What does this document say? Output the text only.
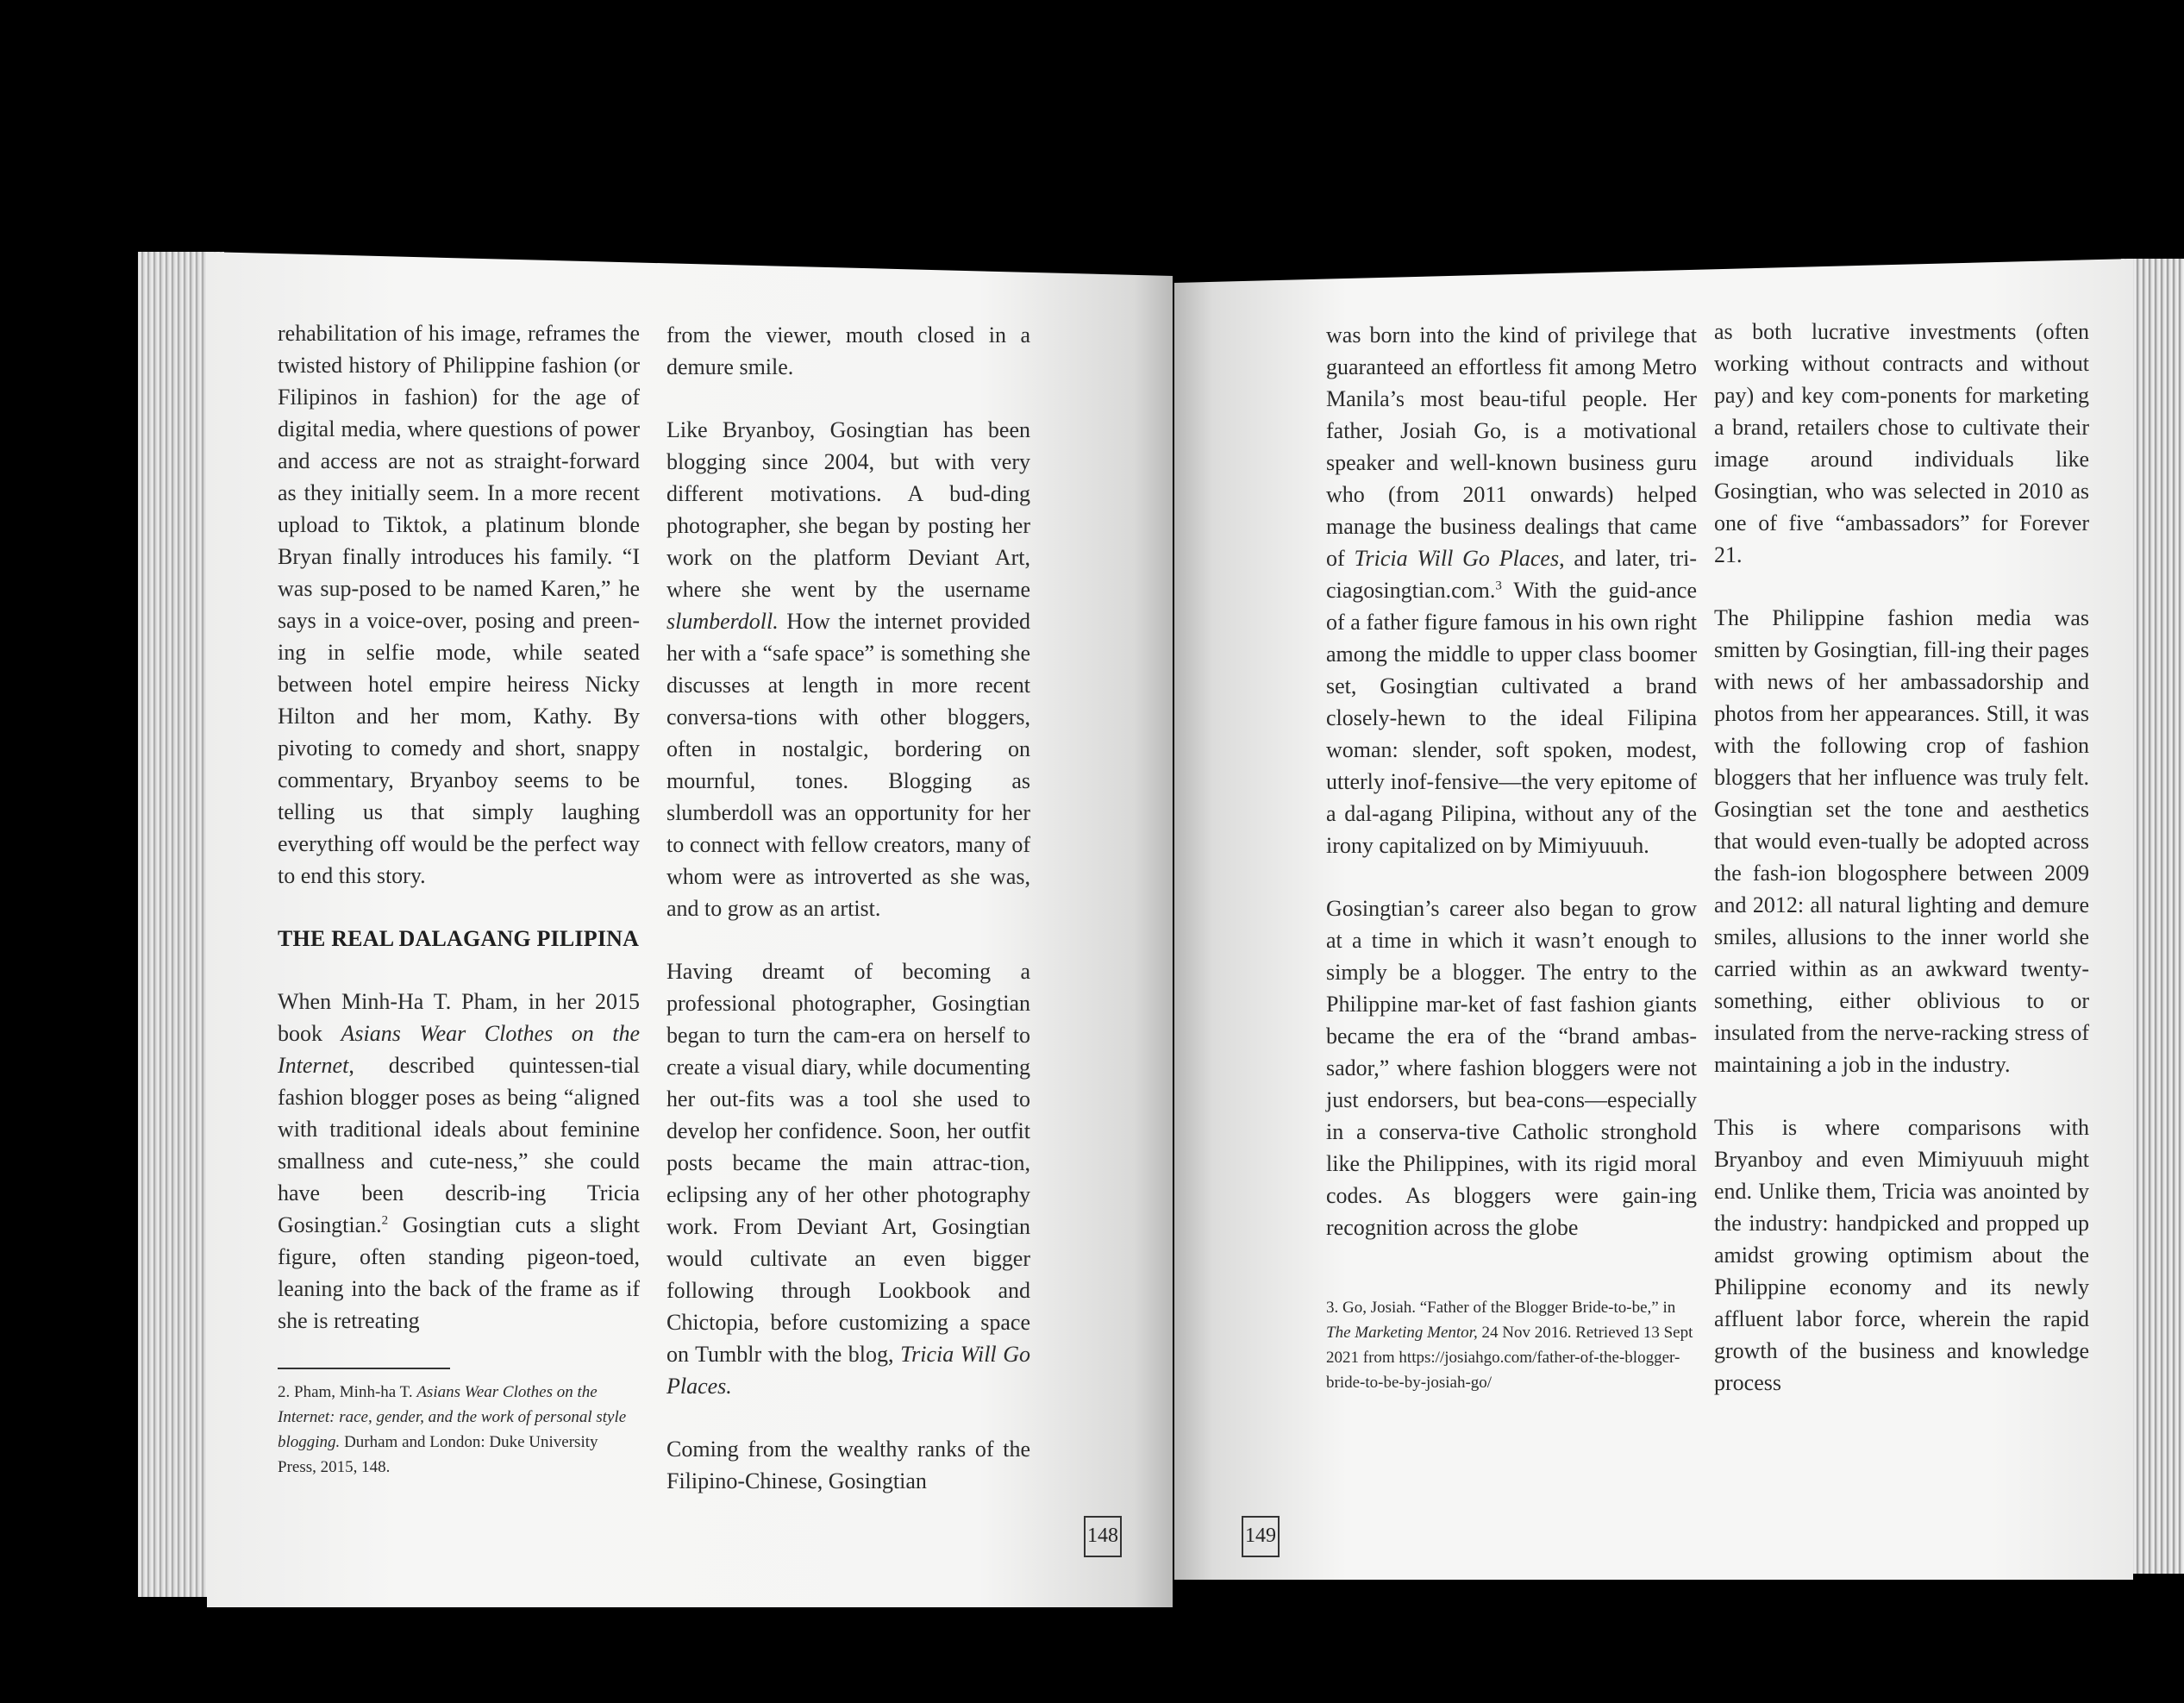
rehabilitation of his image, reframes the twisted history of Philippine fashion (or Filipinos in fashion) for the age of digital media, where questions of power and access are not as straight-forward as they initially seem. In a more recent upload to Tiktok, a platinum blonde Bryan finally introduces his family. “I was sup-posed to be named Karen,” he says in a voice-over, posing and preen-ing in selfie mode, while seated between hotel empire heiress Nicky Hilton and her mom, Kathy. By pivoting to comedy and short, snappy commentary, Bryanboy seems to be telling us that simply laughing everything off would be the perfect way to end this story.

THE REAL DALAGANG PILIPINA

When Minh-Ha T. Pham, in her 2015 book Asians Wear Clothes on the Internet, described quintessen-tial fashion blogger poses as being “aligned with traditional ideals about feminine smallness and cute-ness,” she could have been describ-ing Tricia Gosingtian.$^2$ Gosingtian cuts a slight figure, often standing pigeon-toed, leaning into the back of the frame as if she is retreating

2. Pham, Minh-ha T. Asians Wear Clothes on the Internet: race, gender, and the work of personal style blogging. Durham and London: Duke University Press, 2015, 148.

from the viewer, mouth closed in a demure smile.

Like Bryanboy, Gosingtian has been blogging since 2004, but with very different motivations. A bud-ding photographer, she began by posting her work on the platform Deviant Art, where she went by the username slumberdoll. How the internet provided her with a “safe space” is something she discusses at length in more recent conversa-tions with other bloggers, often in nostalgic, bordering on mournful, tones. Blogging as slumberdoll was an opportunity for her to connect with fellow creators, many of whom were as introverted as she was, and to grow as an artist.

Having dreamt of becoming a professional photographer, Gosingtian began to turn the cam-era on herself to create a visual diary, while documenting her out-fits was a tool she used to develop her confidence. Soon, her outfit posts became the main attrac-tion, eclipsing any of her other photography work. From Deviant Art, Gosingtian would cultivate an even bigger following through Lookbook and Chictopia, before customizing a space on Tumblr with the blog, Tricia Will Go Places.

Coming from the wealthy ranks of the Filipino-Chinese, Gosingtian

148

was born into the kind of privilege that guaranteed an effortless fit among Metro Manila’s most beau-tiful people. Her father, Josiah Go, is a motivational speaker and well-known business guru who (from 2011 onwards) helped manage the business dealings that came of Tricia Will Go Places, and later, tri-ciagosingtian.com.$^3$ With the guid-ance of a father figure famous in his own right among the middle to upper class boomer set, Gosingtian cultivated a brand closely-hewn to the ideal Filipina woman: slender, soft spoken, modest, utterly inof-fensive—the very epitome of a dal-agang Pilipina, without any of the irony capitalized on by Mimiyuuuh.

Gosingtian’s career also began to grow at a time in which it wasn’t enough to simply be a blogger. The entry to the Philippine mar-ket of fast fashion giants became the era of the “brand ambas-sador,” where fashion bloggers were not just endorsers, but bea-cons—especially in a conserva-tive Catholic stronghold like the Philippines, with its rigid moral codes. As bloggers were gain-ing recognition across the globe

3. Go, Josiah. “Father of the Blogger Bride-to-be,” in The Marketing Mentor, 24 Nov 2016. Retrieved 13 Sept 2021 from https://josiahgo.com/father-of-the-blogger-bride-to-be-by-josiah-go/

as both lucrative investments (often working without contracts and without pay) and key com-ponents for marketing a brand, retailers chose to cultivate their image around individuals like Gosingtian, who was selected in 2010 as one of five “ambassadors” for Forever 21.

The Philippine fashion media was smitten by Gosingtian, fill-ing their pages with news of her ambassadorship and photos from her appearances. Still, it was with the following crop of fashion bloggers that her influence was truly felt. Gosingtian set the tone and aesthetics that would even-tually be adopted across the fash-ion blogosphere between 2009 and 2012: all natural lighting and demure smiles, allusions to the inner world she carried within as an awkward twenty-something, either oblivious to or insulated from the nerve-racking stress of maintaining a job in the industry.

This is where comparisons with Bryanboy and even Mimiyuuuh might end. Unlike them, Tricia was anointed by the industry: handpicked and propped up amidst growing optimism about the Philippine economy and its newly affluent labor force, wherein the rapid growth of the business and knowledge process

149
